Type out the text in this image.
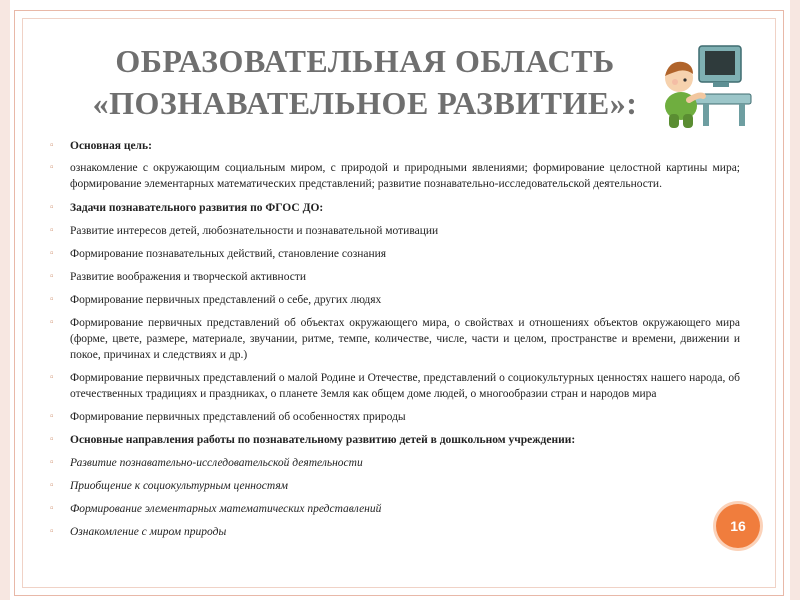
ОБРАЗОВАТЕЛЬНАЯ ОБЛАСТЬ
«ПОЗНАВАТЕЛЬНОЕ РАЗВИТИЕ»:
▫ Основная цель:
▫ ознакомление с окружающим социальным миром, с природой и природными явлениями; формирование целостной картины мира; формирование элементарных математических представлений; развитие познавательно-исследовательской деятельности.
▫ Задачи познавательного развития по ФГОС ДО:
▫ Развитие интересов детей, любознательности и познавательной мотивации
▫ Формирование познавательных действий, становление сознания
▫ Развитие воображения и творческой активности
▫ Формирование первичных представлений о себе, других людях
▫ Формирование первичных представлений об объектах окружающего мира, о свойствах и отношениях объектов окружающего мира (форме, цвете, размере, материале, звучании, ритме, темпе, количестве, числе, части и целом, пространстве и времени, движении и покое, причинах и следствиях и др.)
▫ Формирование первичных представлений о малой Родине и Отечестве, представлений о социокультурных ценностях нашего народа, об отечественных традициях и праздниках, о планете Земля как общем доме людей, о многообразии стран и народов мира
▫ Формирование первичных представлений об особенностях природы
▫ Основные направления работы по познавательному развитию детей в дошкольном учреждении:
▫ Развитие познавательно-исследовательской деятельности
▫ Приобщение к социокультурным ценностям
▫ Формирование элементарных математических представлений
▫ Ознакомление с миром природы	16
